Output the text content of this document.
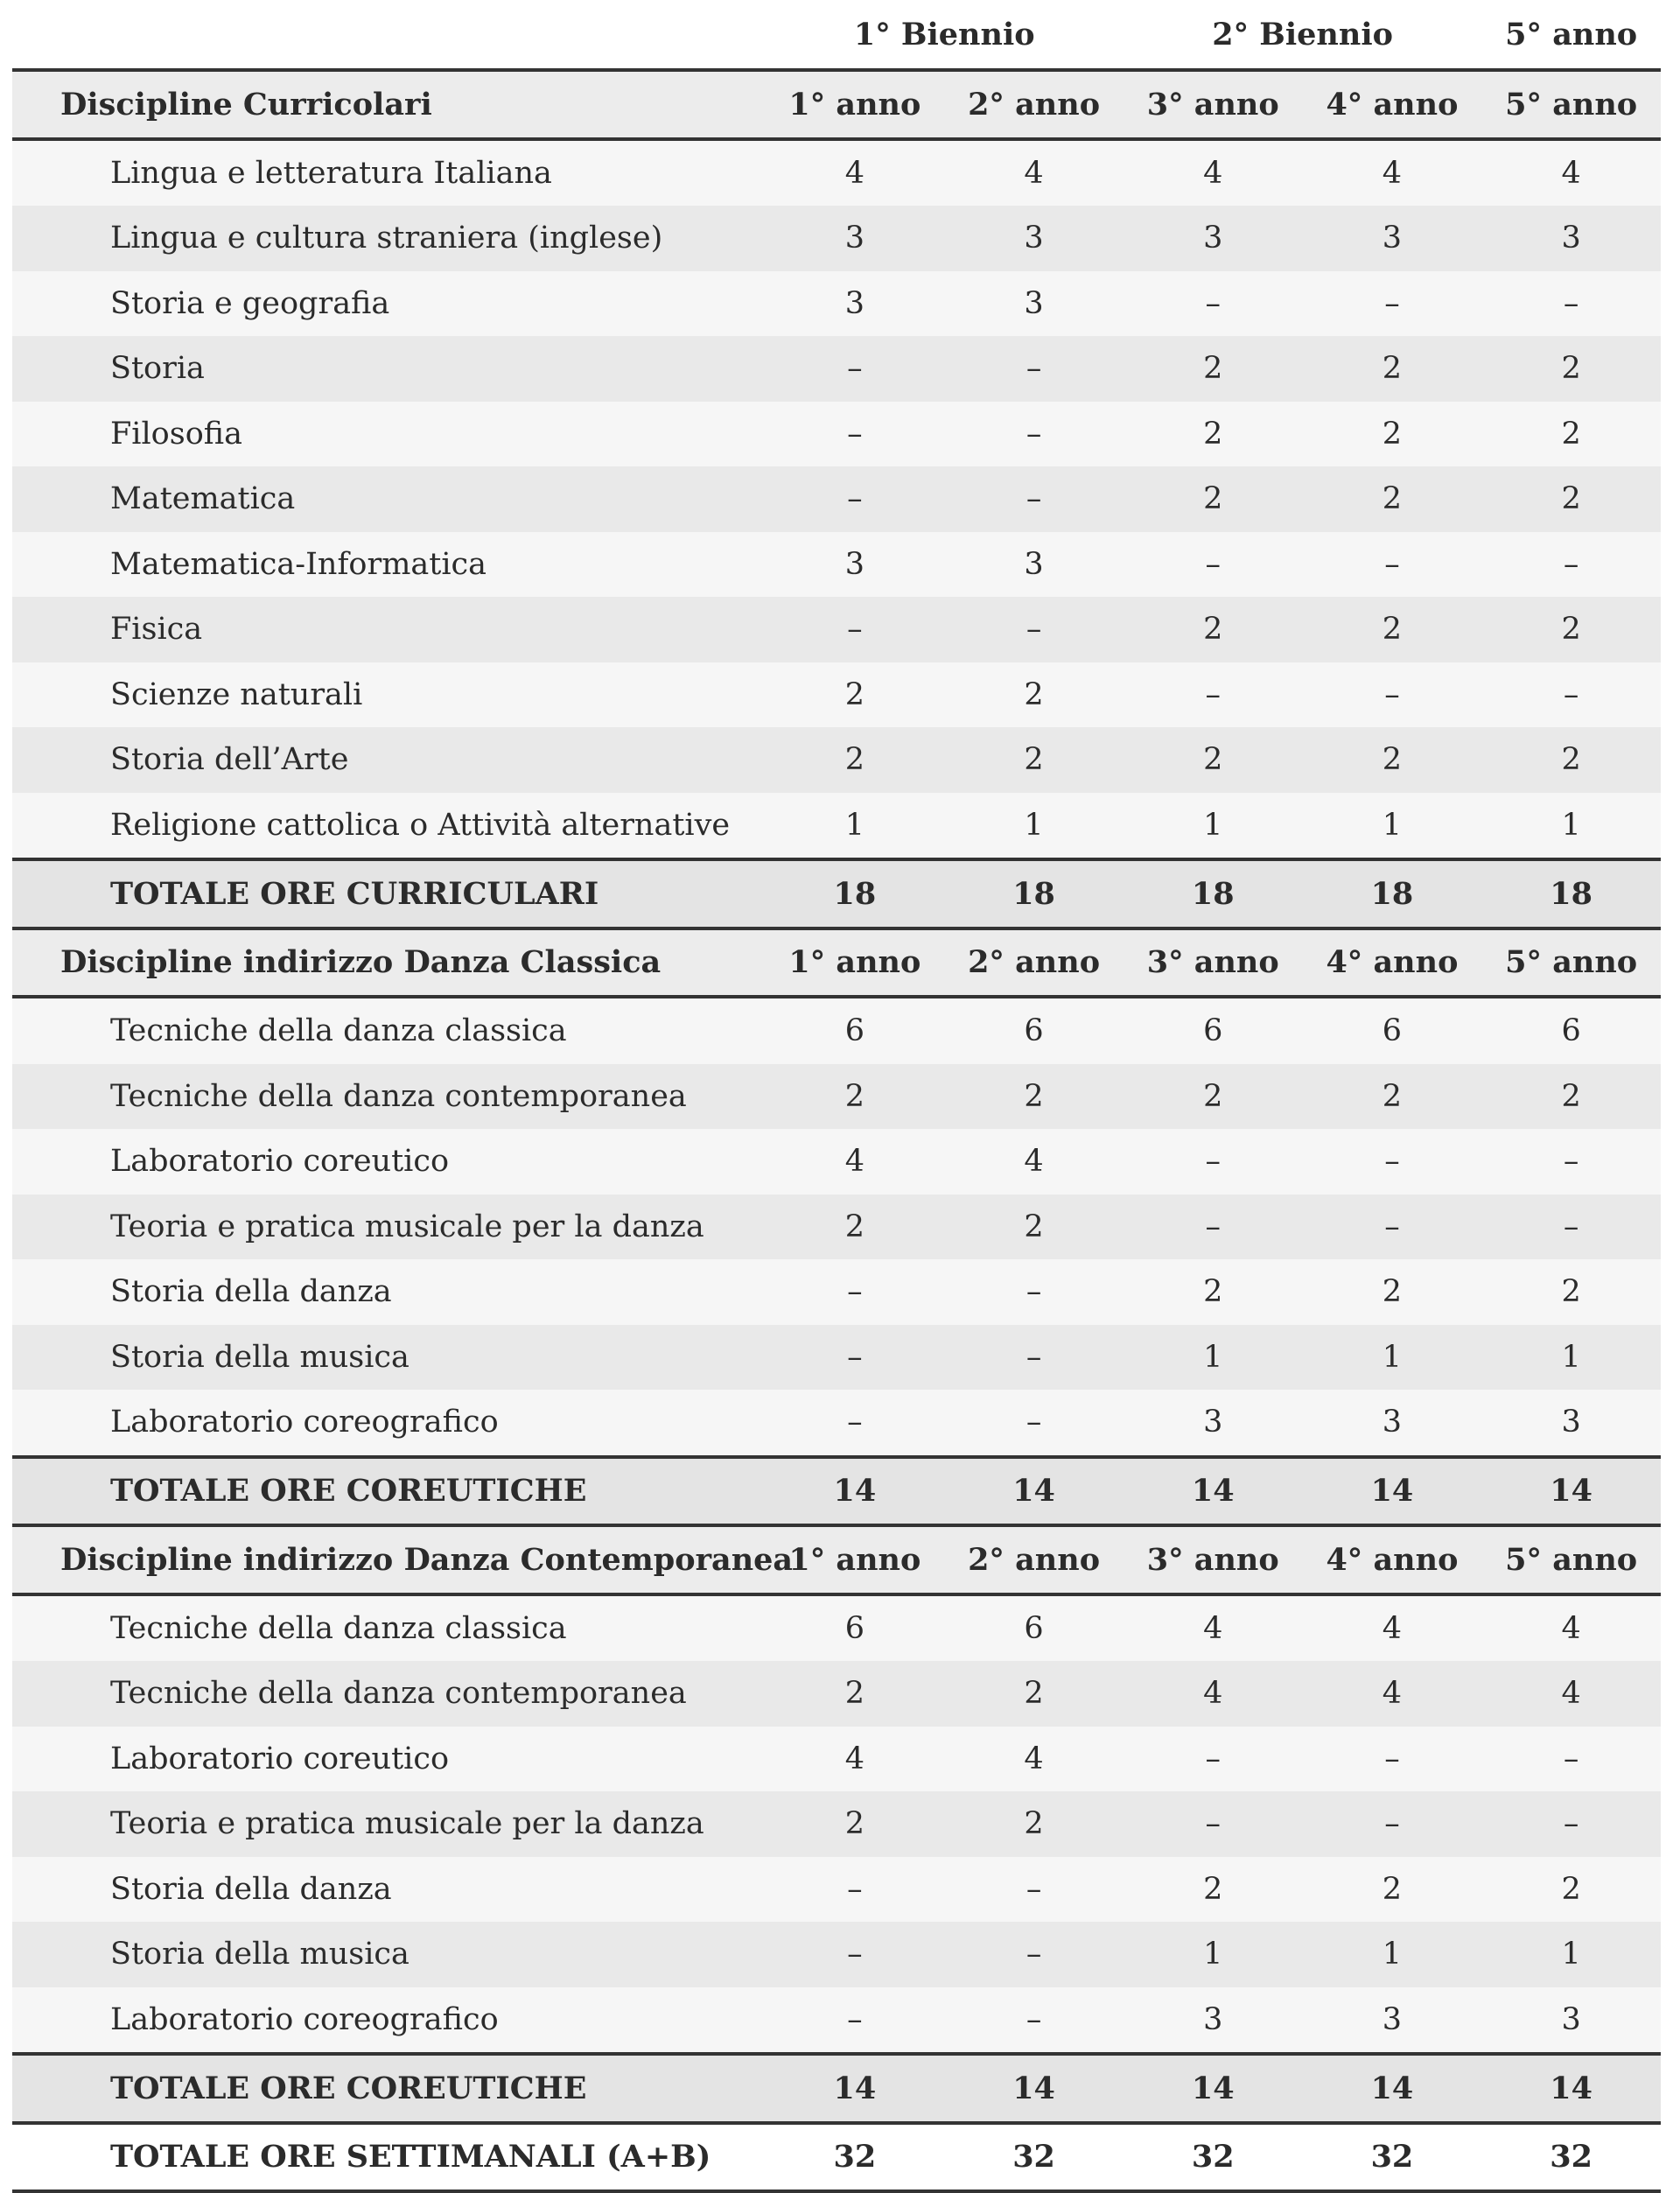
	1° Biennio		2° Biennio		5° anno
Discipline Curricolari	1° anno	2° anno	3° anno	4° anno	5° anno
Lingua e letteratura Italiana	4	4	4	4	4
Lingua e cultura straniera (inglese)	3	3	3	3	3
Storia e geografia	3	3	–	–	–
Storia	–	–	2	2	2
Filosofia	–	–	2	2	2
Matematica	–	–	2	2	2
Matematica-Informatica	3	3	–	–	–
Fisica	–	–	2	2	2
Scienze naturali	2	2	–	–	–
Storia dell’Arte	2	2	2	2	2
Religione cattolica o Attività alternative	1	1	1	1	1
TOTALE ORE CURRICULARI	18	18	18	18	18
Discipline indirizzo Danza Classica	1° anno	2° anno	3° anno	4° anno	5° anno
Tecniche della danza classica	6	6	6	6	6
Tecniche della danza contemporanea	2	2	2	2	2
Laboratorio coreutico	4	4	–	–	–
Teoria e pratica musicale per la danza	2	2	–	–	–
Storia della danza	–	–	2	2	2
Storia della musica	–	–	1	1	1
Laboratorio coreografico	–	–	3	3	3
TOTALE ORE COREUTICHE	14	14	14	14	14
Discipline indirizzo Danza Contemporanea	1° anno	2° anno	3° anno	4° anno	5° anno
Tecniche della danza classica	6	6	4	4	4
Tecniche della danza contemporanea	2	2	4	4	4
Laboratorio coreutico	4	4	–	–	–
Teoria e pratica musicale per la danza	2	2	–	–	–
Storia della danza	–	–	2	2	2
Storia della musica	–	–	1	1	1
Laboratorio coreografico	–	–	3	3	3
TOTALE ORE COREUTICHE	14	14	14	14	14
TOTALE ORE SETTIMANALI (A+B)	32	32	32	32	32
